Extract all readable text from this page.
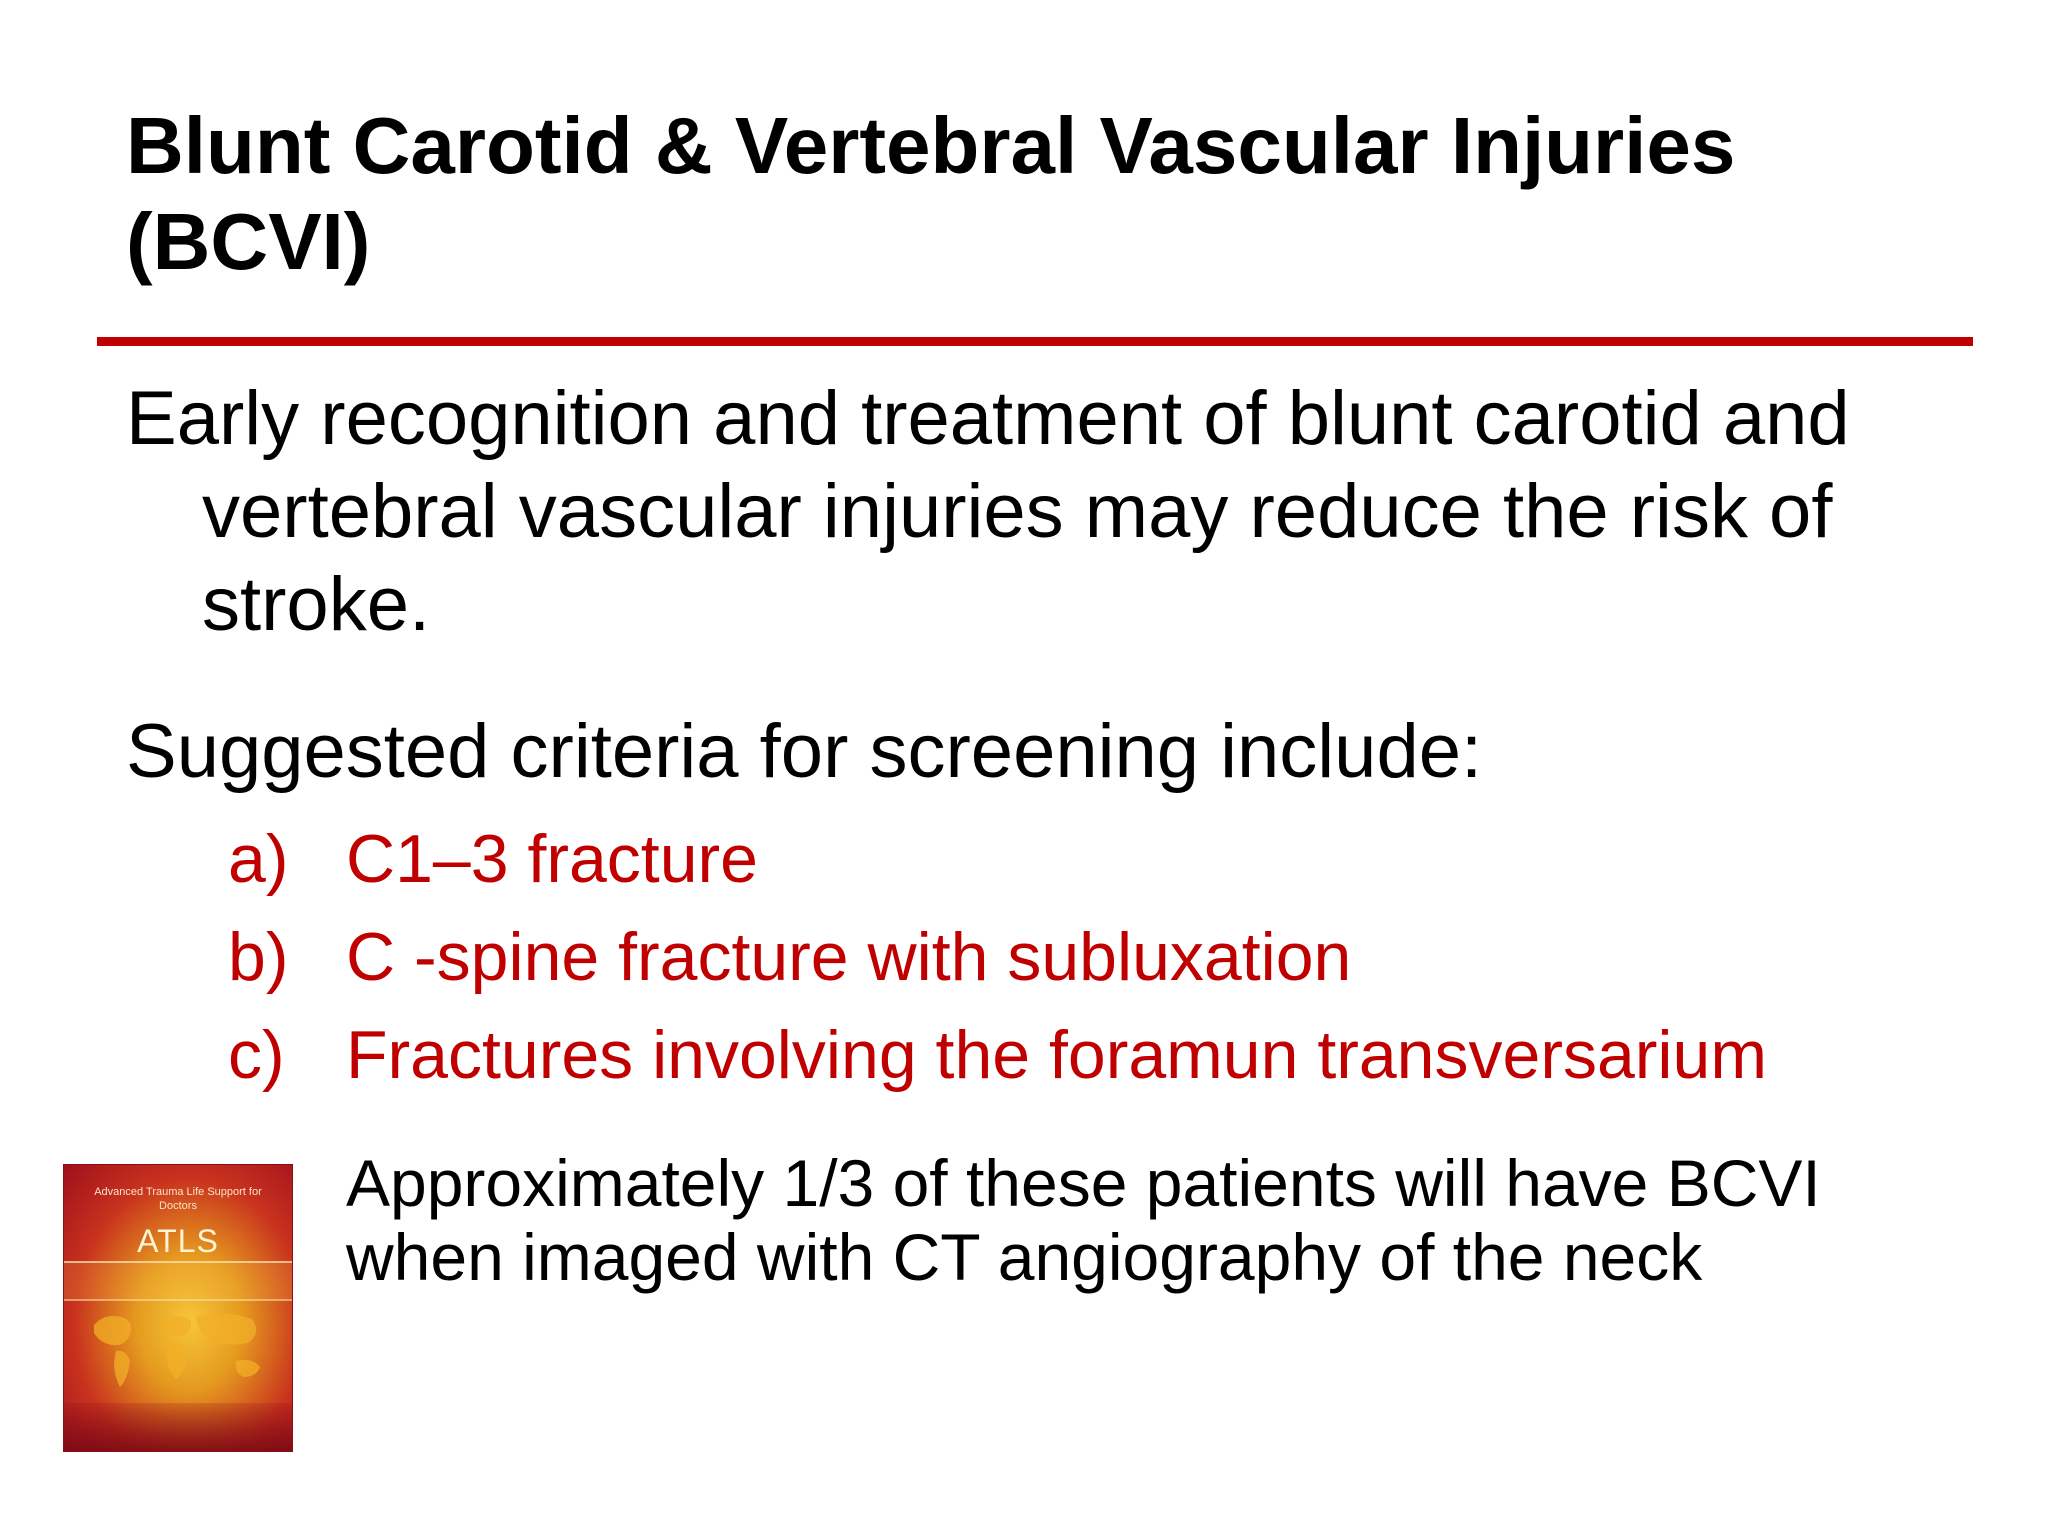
Blunt Carotid & Vertebral Vascular Injuries
(BCVI)

Early recognition and treatment of blunt carotid and vertebral vascular injuries may reduce the risk of stroke.

Suggested criteria for screening include:

a) C1–3 fracture
b) C -spine fracture with subluxation
c) Fractures involving the foramun transversarium
Advanced Trauma Life Support for Doctors
ATLS

Approximately 1/3 of these patients will have BCVI
when imaged with CT angiography of the neck
